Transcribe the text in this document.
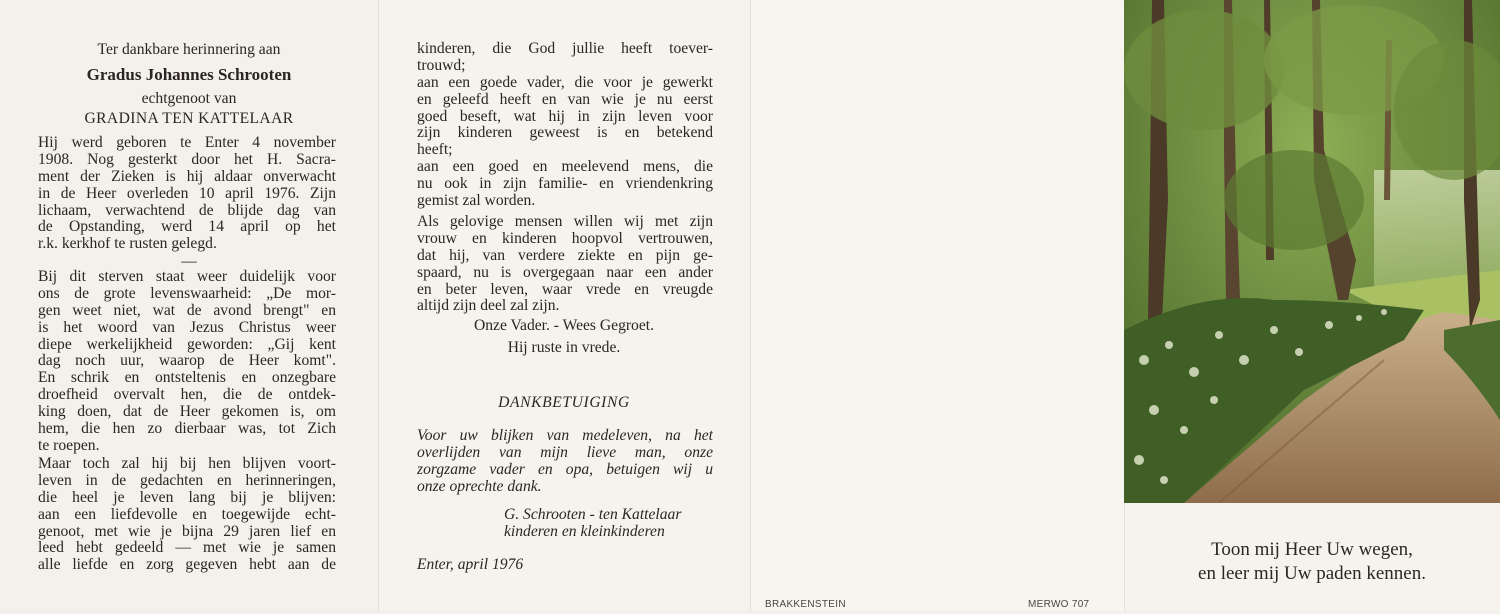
Ter dankbare herinnering aan
Gradus Johannes Schrooten
echtgenoot van
GRADINA TEN KATTELAAR
Hij werd geboren te Enter 4 november
1908. Nog gesterkt door het H. Sacra-
ment der Zieken is hij aldaar onverwacht
in de Heer overleden 10 april 1976. Zijn
lichaam, verwachtend de blijde dag van
de Opstanding, werd 14 april op het
r.k. kerkhof te rusten gelegd.
—
Bij dit sterven staat weer duidelijk voor
ons de grote levenswaarheid: „De mor-
gen weet niet, wat de avond brengt" en
is het woord van Jezus Christus weer
diepe werkelijkheid geworden: „Gij kent
dag noch uur, waarop de Heer komt".
En schrik en ontsteltenis en onzegbare
droefheid overvalt hen, die de ontdek-
king doen, dat de Heer gekomen is, om
hem, die hen zo dierbaar was, tot Zich
te roepen.
Maar toch zal hij bij hen blijven voort-
leven in de gedachten en herinneringen,
die heel je leven lang bij je blijven:
aan een liefdevolle en toegewijde echt-
genoot, met wie je bijna 29 jaren lief en
leed hebt gedeeld — met wie je samen
alle liefde en zorg gegeven hebt aan de
kinderen, die God jullie heeft toever-
trouwd;
aan een goede vader, die voor je gewerkt
en geleefd heeft en van wie je nu eerst
goed beseft, wat hij in zijn leven voor
zijn kinderen geweest is en betekend
heeft;
aan een goed en meelevend mens, die
nu ook in zijn familie- en vriendenkring
gemist zal worden.
Als gelovige mensen willen wij met zijn
vrouw en kinderen hoopvol vertrouwen,
dat hij, van verdere ziekte en pijn ge-
spaard, nu is overgegaan naar een ander
en beter leven, waar vrede en vreugde
altijd zijn deel zal zijn.
Onze Vader. - Wees Gegroet.
Hij ruste in vrede.
DANKBETUIGING
Voor uw blijken van medeleven, na het
overlijden van mijn lieve man, onze
zorgzame vader en opa, betuigen wij u
onze oprechte dank.
G. Schrooten - ten Kattelaar
kinderen en kleinkinderen
Enter, april 1976
BRAKKENSTEIN	MERWO 707
Toon mij Heer Uw wegen,
en leer mij Uw paden kennen.
